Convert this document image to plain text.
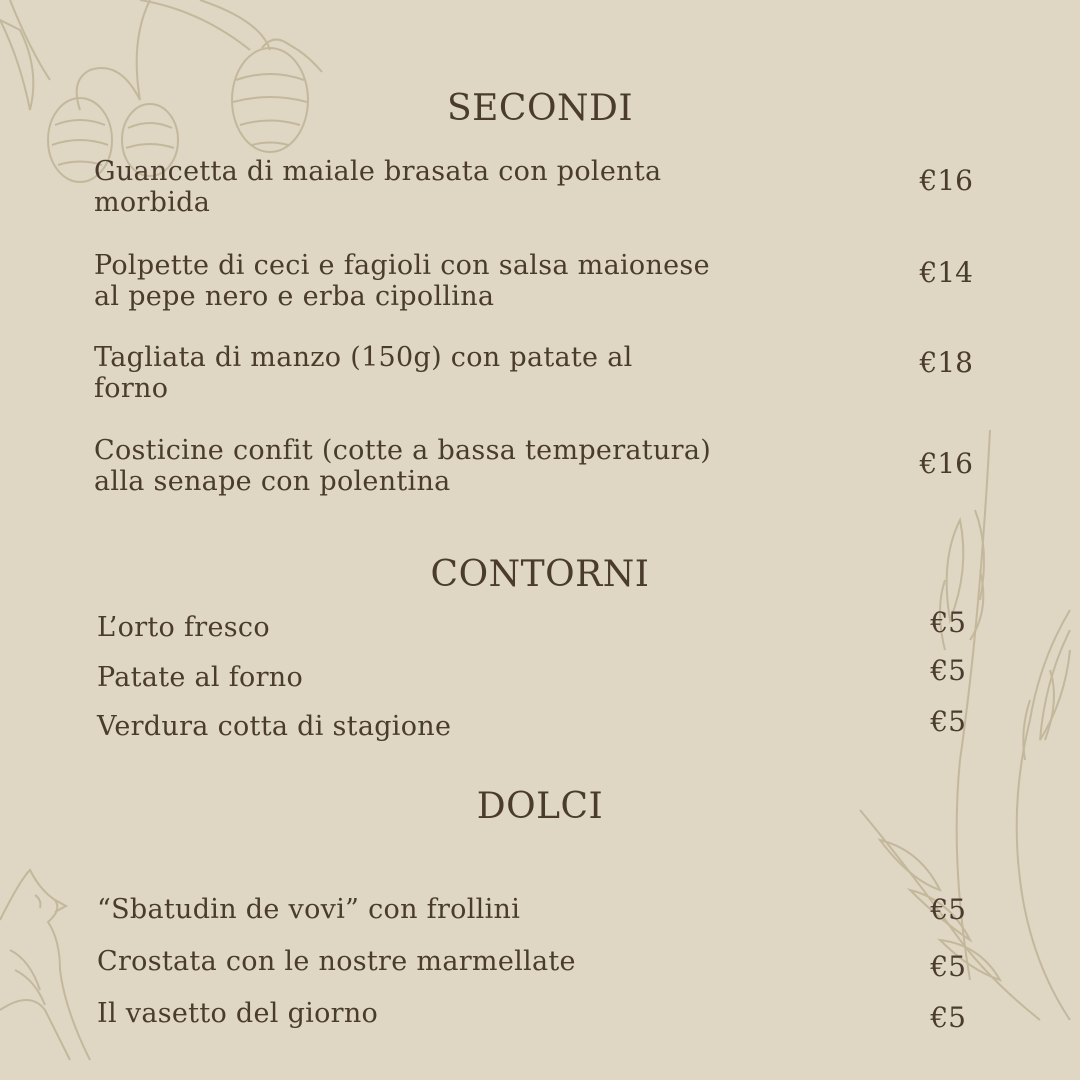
SECONDI
Guancetta di maiale brasata con polenta morbida
€16
Polpette di ceci e fagioli con salsa maionese al pepe nero e erba cipollina
€14
Tagliata di manzo (150g) con patate al forno
€18
Costicine confit (cotte a bassa temperatura) alla senape con polentina
€16
CONTORNI
L’orto fresco	€5
Patate al forno	€5
Verdura cotta di stagione	€5
DOLCI
“Sbatudin de vovi” con frollini	€5
Crostata con le nostre marmellate	€5
Il vasetto del giorno	€5
